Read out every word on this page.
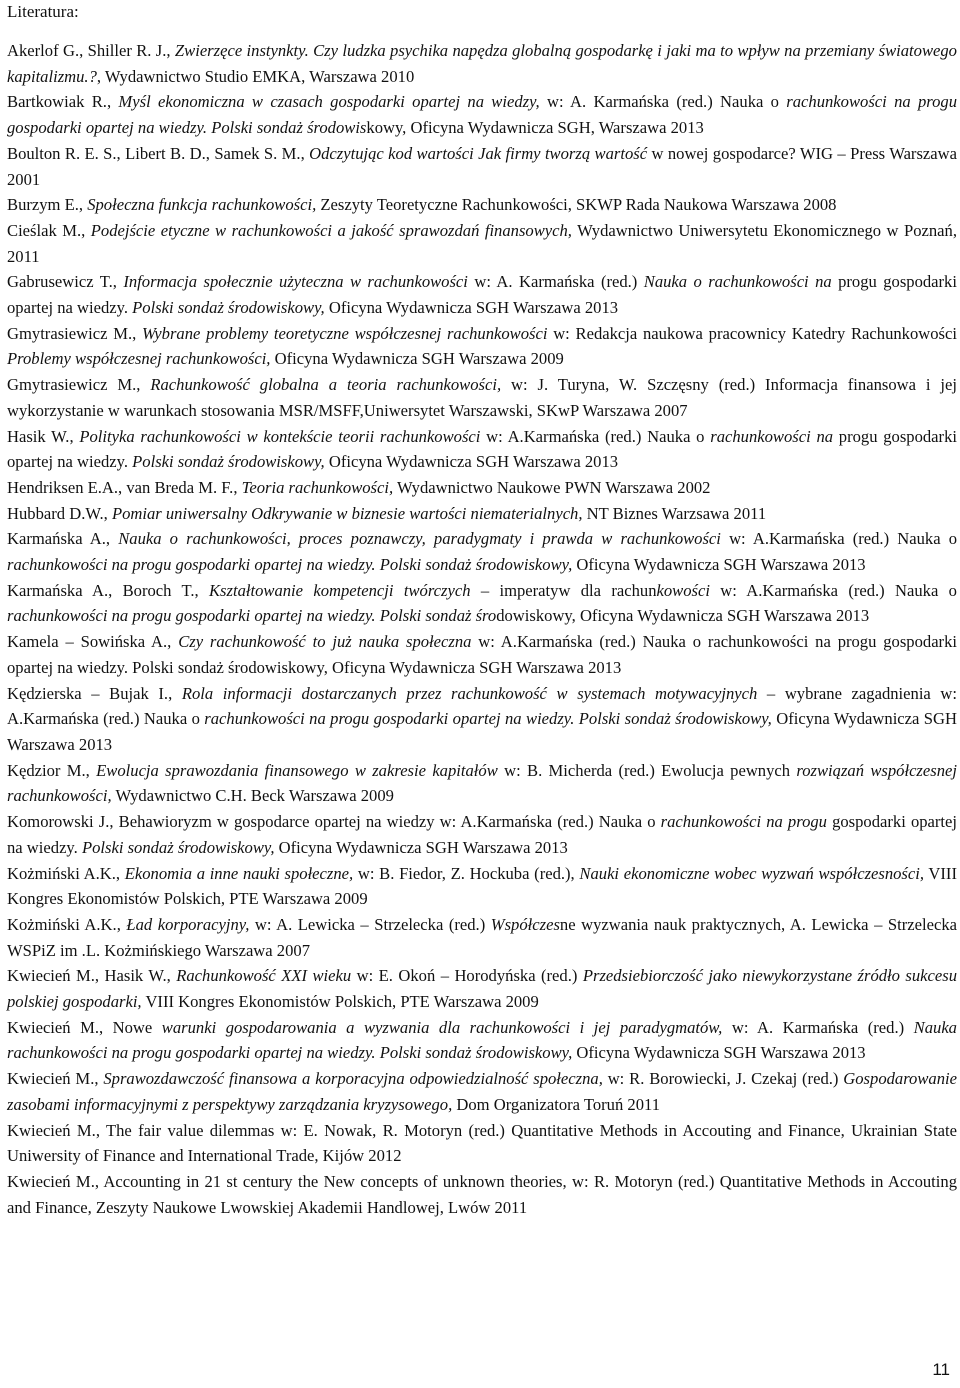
Literatura:

Akerlof G., Shiller R. J., Zwierzęce instynkty. Czy ludzka psychika napędza globalną gospodarkę i jaki ma to wpływ na przemiany światowego kapitalizmu.?, Wydawnictwo Studio EMKA, Warszawa 2010

Bartkowiak R., Myśl ekonomiczna w czasach gospodarki opartej na wiedzy, w: A. Karmańska (red.) Nauka o rachunkowości na progu gospodarki opartej na wiedzy. Polski sondaż środowiskowy, Oficyna Wydawnicza SGH, Warszawa 2013

Boulton R. E. S., Libert B. D., Samek S. M., Odczytując kod wartości Jak firmy tworzą wartość w nowej gospodarce? WIG – Press Warszawa 2001

Burzym E., Społeczna funkcja rachunkowości, Zeszyty Teoretyczne Rachunkowości, SKWP Rada Naukowa Warszawa 2008

Cieślak M., Podejście etyczne w rachunkowości a jakość sprawozdań finansowych, Wydawnictwo Uniwersytetu Ekonomicznego w Poznań, 2011

Gabrusewicz T., Informacja społecznie użyteczna w rachunkowości w: A. Karmańska (red.) Nauka o rachunkowości na progu gospodarki opartej na wiedzy. Polski sondaż środowiskowy, Oficyna Wydawnicza SGH Warszawa 2013

Gmytrasiewicz M., Wybrane problemy teoretyczne współczesnej rachunkowości w: Redakcja naukowa pracownicy Katedry Rachunkowości Problemy współczesnej rachunkowości, Oficyna Wydawnicza SGH Warszawa 2009

Gmytrasiewicz M., Rachunkowość globalna a teoria rachunkowości, w: J. Turyna, W. Szczęsny (red.) Informacja finansowa i jej wykorzystanie w warunkach stosowania MSR/MSFF,Uniwersytet Warszawski, SKwP Warszawa 2007

Hasik W., Polityka rachunkowości w kontekście teorii rachunkowości w: A.Karmańska (red.) Nauka o rachunkowości na progu gospodarki opartej na wiedzy. Polski sondaż środowiskowy, Oficyna Wydawnicza SGH Warszawa 2013

Hendriksen E.A., van Breda M. F., Teoria rachunkowości, Wydawnictwo Naukowe PWN Warszawa 2002

Hubbard D.W., Pomiar uniwersalny Odkrywanie w biznesie wartości niematerialnych, NT Biznes Warzsawa 2011

Karmańska A., Nauka o rachunkowości, proces poznawczy, paradygmaty i prawda w rachunkowości w: A.Karmańska (red.) Nauka o rachunkowości na progu gospodarki opartej na wiedzy. Polski sondaż środowiskowy, Oficyna Wydawnicza SGH Warszawa 2013

Karmańska A., Boroch T., Kształtowanie kompetencji twórczych – imperatyw dla rachunkowości w: A.Karmańska (red.) Nauka o rachunkowości na progu gospodarki opartej na wiedzy. Polski sondaż środowiskowy, Oficyna Wydawnicza SGH Warszawa 2013

Kamela – Sowińska A., Czy rachunkowość to już nauka społeczna w: A.Karmańska (red.) Nauka o rachunkowości na progu gospodarki opartej na wiedzy. Polski sondaż środowiskowy, Oficyna Wydawnicza SGH Warszawa 2013

Kędzierska – Bujak I., Rola informacji dostarczanych przez rachunkowość w systemach motywacyjnych – wybrane zagadnienia w: A.Karmańska (red.) Nauka o rachunkowości na progu gospodarki opartej na wiedzy. Polski sondaż środowiskowy, Oficyna Wydawnicza SGH Warszawa 2013

Kędzior M., Ewolucja sprawozdania finansowego w zakresie kapitałów w: B. Micherda (red.) Ewolucja pewnych rozwiązań współczesnej rachunkowości, Wydawnictwo C.H. Beck Warszawa 2009

Komorowski J., Behawioryzm w gospodarce opartej na wiedzy w: A.Karmańska (red.) Nauka o rachunkowości na progu gospodarki opartej na wiedzy. Polski sondaż środowiskowy, Oficyna Wydawnicza SGH Warszawa 2013

Kożmiński A.K., Ekonomia a inne nauki społeczne, w: B. Fiedor, Z. Hockuba (red.), Nauki ekonomiczne wobec wyzwań współczesności, VIII Kongres Ekonomistów Polskich, PTE Warszawa 2009

Kożmiński A.K., Ład korporacyjny, w: A. Lewicka – Strzelecka (red.) Współczesne wyzwania nauk praktycznych, A. Lewicka – Strzelecka WSPiZ im .L. Kożmińskiego Warszawa 2007

Kwiecień M., Hasik W., Rachunkowość XXI wieku w: E. Okoń – Horodyńska (red.) Przedsiebiorczość jako niewykorzystane źródło sukcesu polskiej gospodarki, VIII Kongres Ekonomistów Polskich, PTE Warszawa 2009

Kwiecień M., Nowe warunki gospodarowania a wyzwania dla rachunkowości i jej paradygmatów, w: A. Karmańska (red.) Nauka rachunkowości na progu gospodarki opartej na wiedzy. Polski sondaż środowiskowy, Oficyna Wydawnicza SGH Warszawa 2013

Kwiecień M., Sprawozdawczość finansowa a korporacyjna odpowiedzialność społeczna, w: R. Borowiecki, J. Czekaj (red.) Gospodarowanie zasobami informacyjnymi z perspektywy zarządzania kryzysowego, Dom Organizatora Toruń 2011

Kwiecień M., The fair value dilemmas w: E. Nowak, R. Motoryn (red.) Quantitative Methods in Accouting and Finance, Ukrainian State Uniwersity of Finance and International Trade, Kijów 2012

Kwiecień M., Accounting in 21 st century the New concepts of unknown theories, w: R. Motoryn (red.) Quantitative Methods in Accouting and Finance, Zeszyty Naukowe Lwowskiej Akademii Handlowej, Lwów 2011

11
